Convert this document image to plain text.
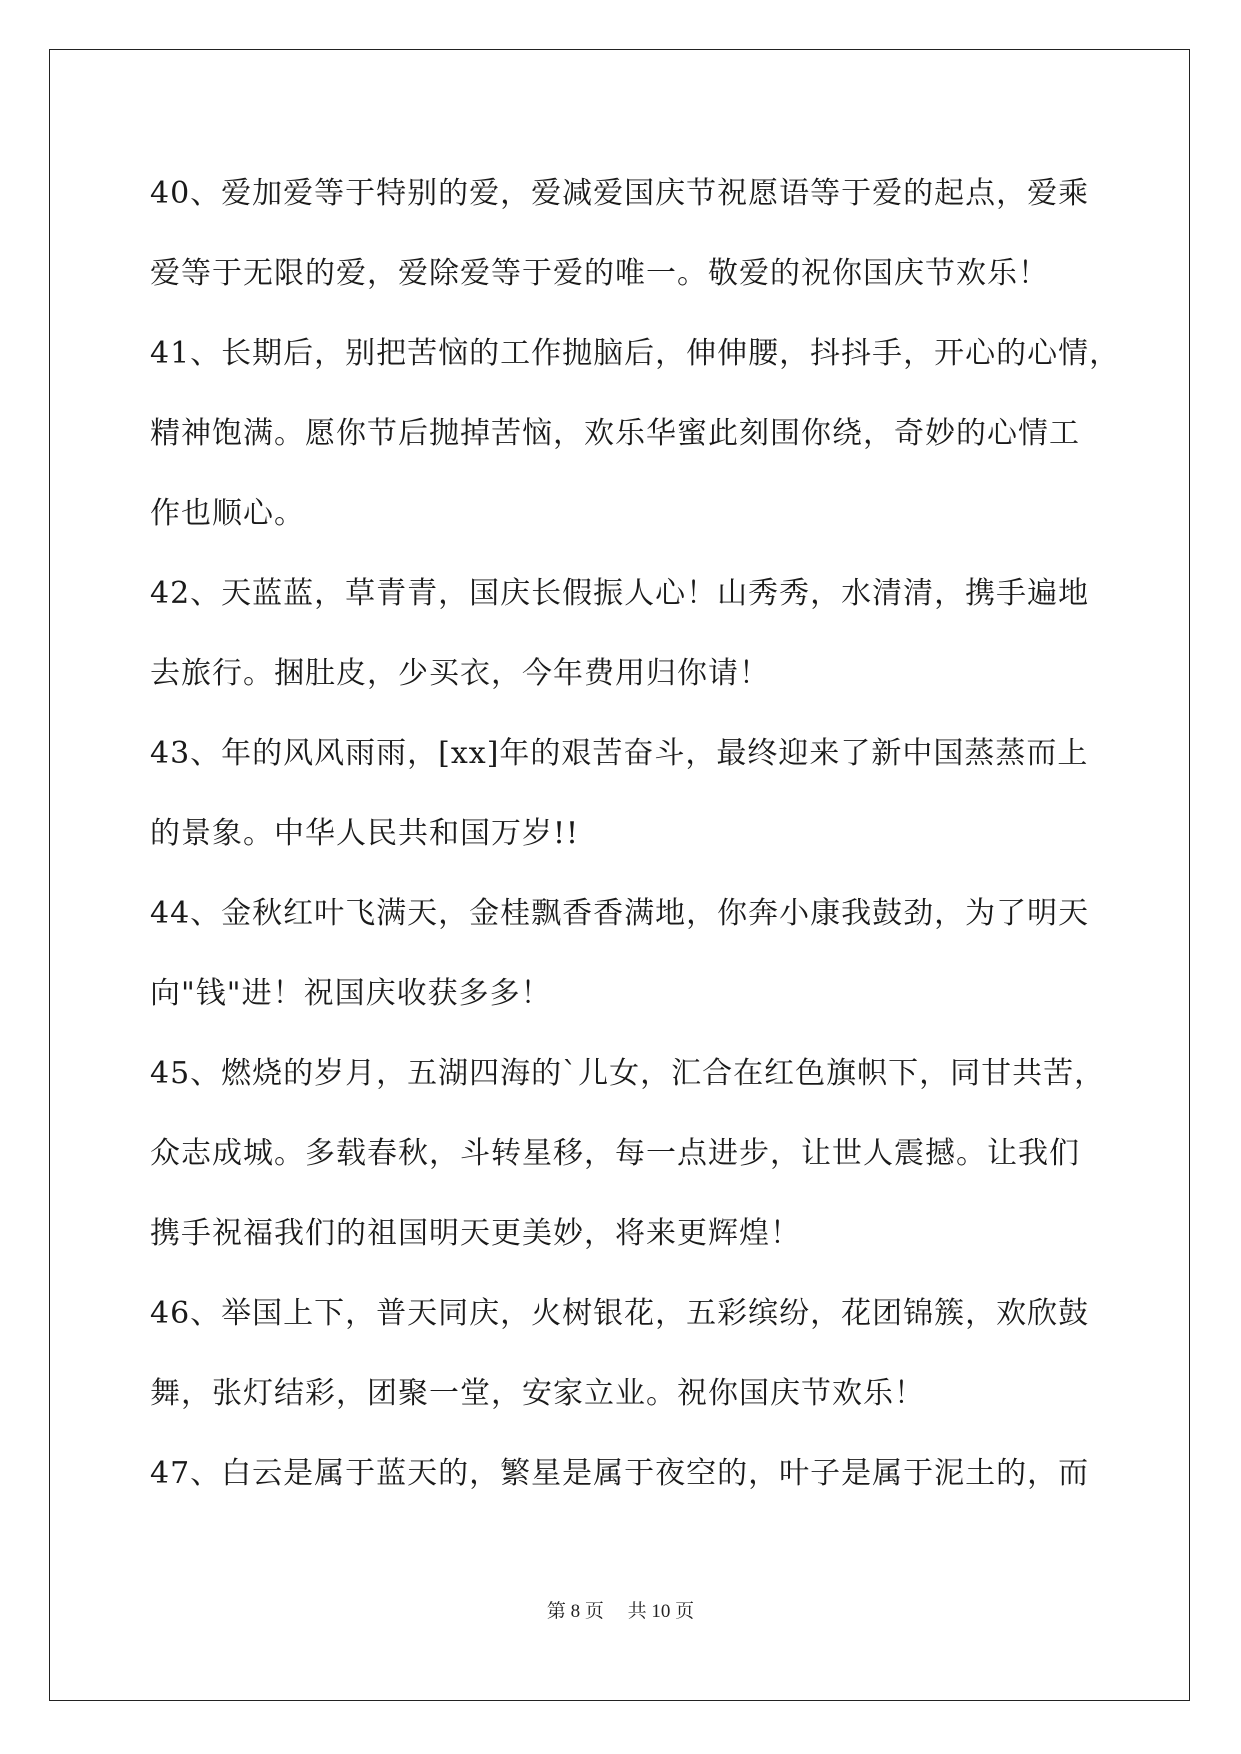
40、爱加爱等于特别的爱，爱减爱国庆节祝愿语等于爱的起点，爱乘
爱等于无限的爱，爱除爱等于爱的唯一。敬爱的祝你国庆节欢乐！
41、长期后，别把苦恼的工作抛脑后，伸伸腰，抖抖手，开心的心情，
精神饱满。愿你节后抛掉苦恼，欢乐华蜜此刻围你绕，奇妙的心情工
作也顺心。
42、天蓝蓝，草青青，国庆长假振人心！山秀秀，水清清，携手遍地
去旅行。捆肚皮，少买衣，今年费用归你请！
43、年的风风雨雨，[xx]年的艰苦奋斗，最终迎来了新中国蒸蒸而上
的景象。中华人民共和国万岁!!
44、金秋红叶飞满天，金桂飘香香满地，你奔小康我鼓劲，为了明天
向"钱"进！祝国庆收获多多！
45、燃烧的岁月，五湖四海的`儿女，汇合在红色旗帜下，同甘共苦，
众志成城。多载春秋，斗转星移，每一点进步，让世人震撼。让我们
携手祝福我们的祖国明天更美妙，将来更辉煌！
46、举国上下，普天同庆，火树银花，五彩缤纷，花团锦簇，欢欣鼓
舞，张灯结彩，团聚一堂，安家立业。祝你国庆节欢乐！
47、白云是属于蓝天的，繁星是属于夜空的，叶子是属于泥土的，而
第 8 页　 共 10 页
